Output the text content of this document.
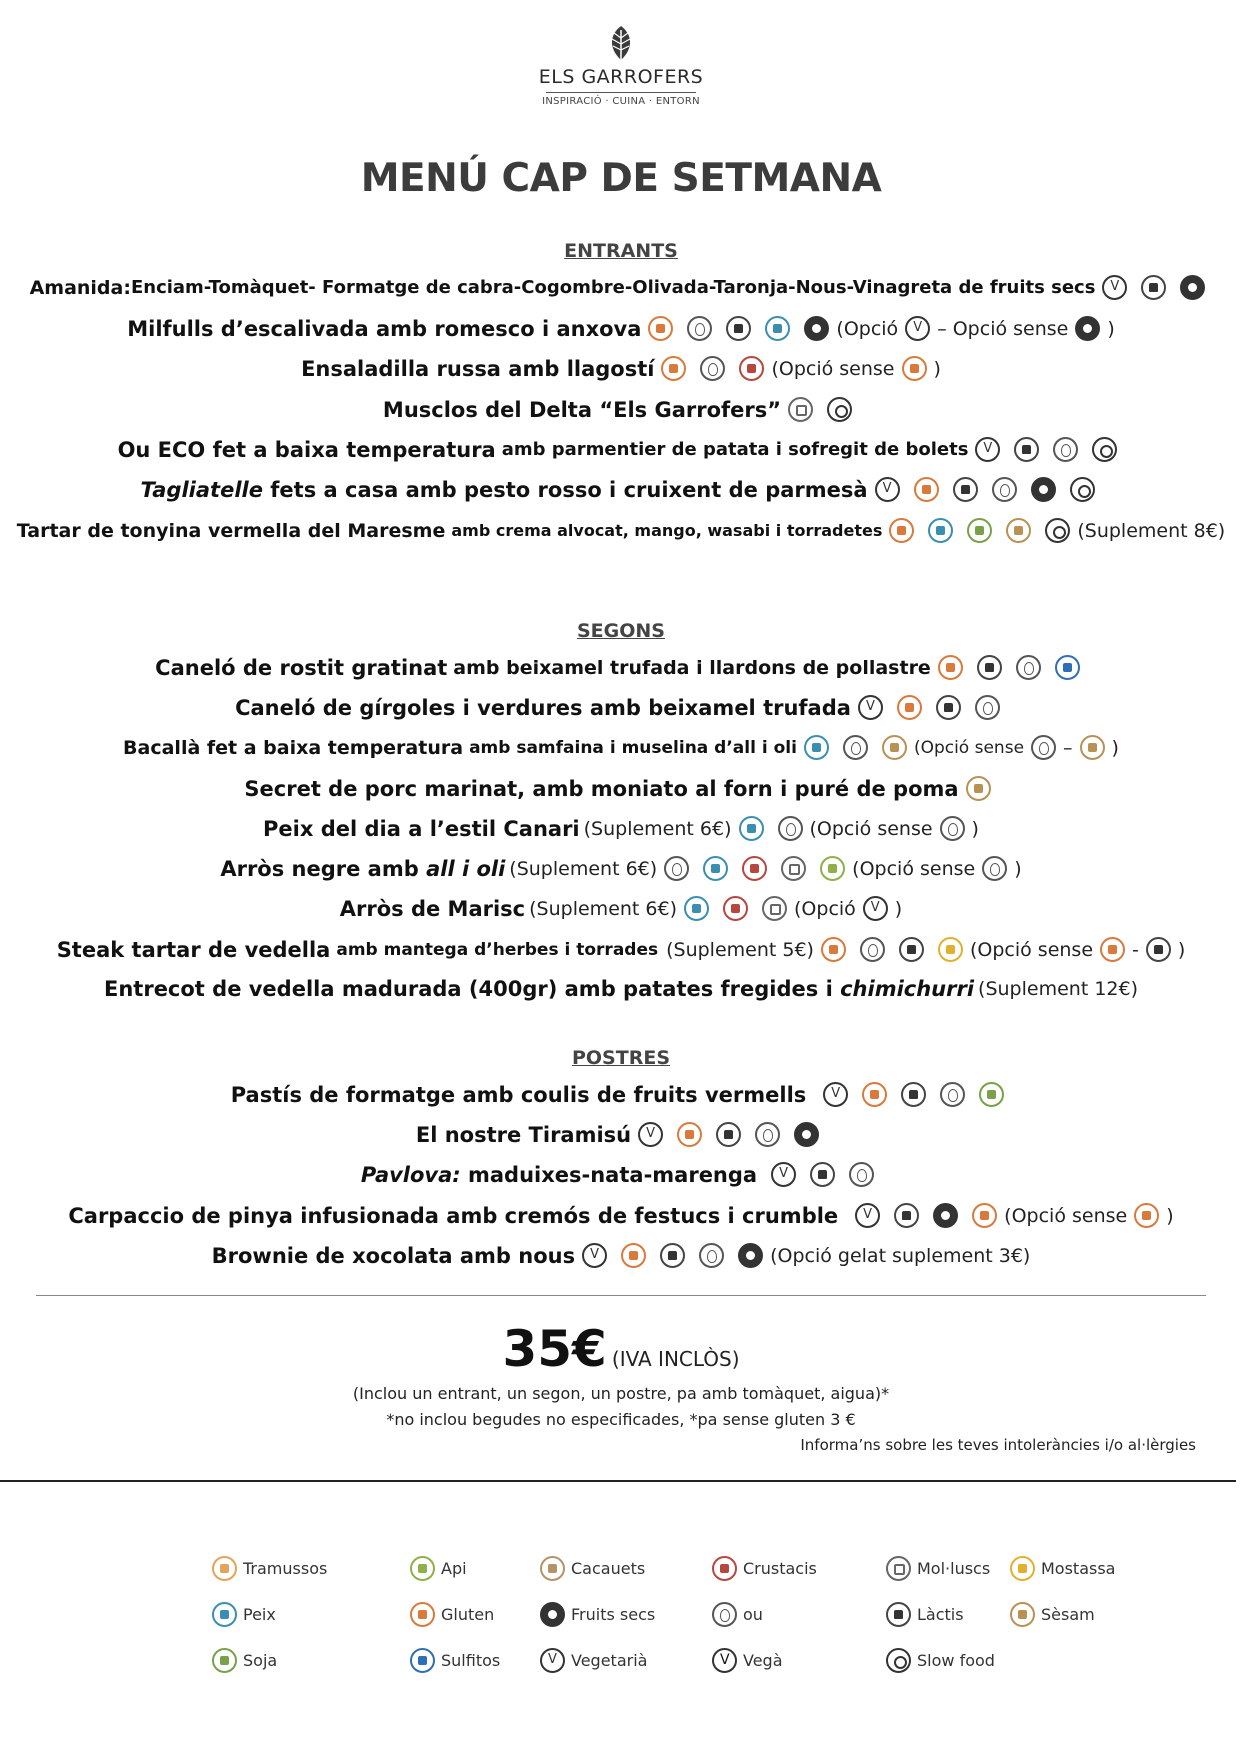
ELS GARROFERS
INSPIRACIÓ · CUINA · ENTORN
MENÚ CAP DE SETMANA
ENTRANTS
Amanida: Enciam-Tomàquet- Formatge de cabra-Cogombre-Olivada-Taronja-Nous-Vinagreta de fruits secs
V
Milfulls d’escalivada amb romesco i anxova	(Opció V – Opció sense )
Ensaladilla russa amb llagostí	(Opció sense )
Musclos del Delta “Els Garrofers”
Ou ECO fet a baixa temperatura amb parmentier de patata i sofregit de bolets
V
Tagliatelle fets a casa amb pesto rosso i cruixent de parmesà
V
Tartar de tonyina vermella del Maresme amb crema alvocat, mango, wasabi i torradetes	(Suplement 8€)
SEGONS
Caneló de rostit gratinat amb beixamel trufada i llardons de pollastre
Caneló de gírgoles i verdures amb beixamel trufada
V
Bacallà fet a baixa temperatura amb samfaina i muselina d’all i oli	(Opció sense – )
Secret de porc marinat, amb moniato al forn i puré de poma
Peix del dia a l’estil Canari (Suplement 6€)	(Opció sense )
Arròs negre amb all i oli (Suplement 6€)	(Opció sense )
Arròs de Marisc (Suplement 6€)	(Opció V )
Steak tartar de vedella amb mantega d’herbes i torrades (Suplement 5€)	(Opció sense - )
Entrecot de vedella madurada (400gr) amb patates fregides i chimichurri (Suplement 12€)
POSTRES
Pastís de formatge amb coulis de fruits vermells
V
El nostre Tiramisú
V
Pavlova: maduixes-nata-marenga
V
Carpaccio de pinya infusionada amb cremós de festucs i crumble V	(Opció sense )
Brownie de xocolata amb nous V	(Opció gelat suplement 3€)
35€ (IVA INCLÒS)
(Inclou un entrant, un segon, un postre, pa amb tomàquet, aigua)*
*no inclou begudes no especificades, *pa sense gluten 3 €
Informa’ns sobre les teves intoleràncies i/o al·lèrgies
Tramussos	Api	Cacauets	Crustacis	Mol·luscs	Mostassa
Peix	Gluten	Fruits secs	ou	Làctis	Sèsam
Soja	Sulfitos V	Vegetarià V	Vegà	Slow food
